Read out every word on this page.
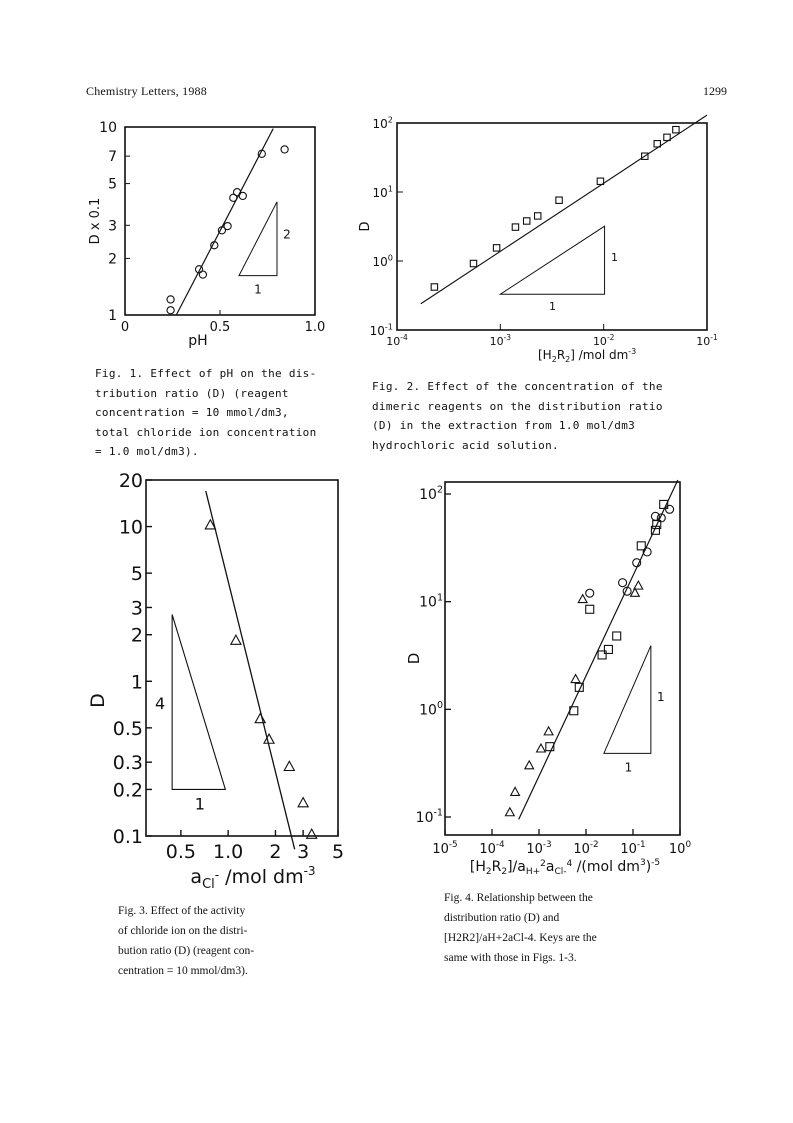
Chemistry Letters, 1988	1299
1
2
3
5
7
10
0	0.5	1.0
pH
D x 0.1
1
2
Fig. 1. Effect of pH on the dis-
tribution ratio (D) (reagent
concentration = 10 mmol/dm3,
total chloride ion concentration
= 1.0 mol/dm3).
$10^{-1}$
$10^0$
$10^1$
$10^2$
$10^{-4}$	$10^{-3}$	$10^{-2}$	$10^{-1}$
$[H_2R_2]$ /mol $dm^{-3}$
D
1
1
Fig. 2. Effect of the concentration of the
dimeric reagents on the distribution ratio
(D) in the extraction from 1.0 mol/dm3
hydrochloric acid solution.
0.1
0.2
0.3
0.5
1
2
3
5
10
20
0.5 1.0 2 3 5
$a_{Cl}^-$ /mol $dm^{-3}$
D
1
4
Fig. 3. Effect of the activity
of chloride ion on the distri-
bution ratio (D) (reagent con-
centration = 10 mmol/dm3).
$10^{-1}$
$10^0$
$10^1$
$10^2$
$10^{-5}$ $10^{-4}$ $10^{-3}$ $10^{-2}$ $10^{-1}$ $10^0$
$[H_2R_2]/a_{H+}^2a_{Cl-}^4$ /(mol $dm^3)^{-5}$
D
1
1
Fig. 4. Relationship between the
distribution ratio (D) and
[H2R2]/aH+2aCl-4. Keys are the
same with those in Figs. 1-3.
